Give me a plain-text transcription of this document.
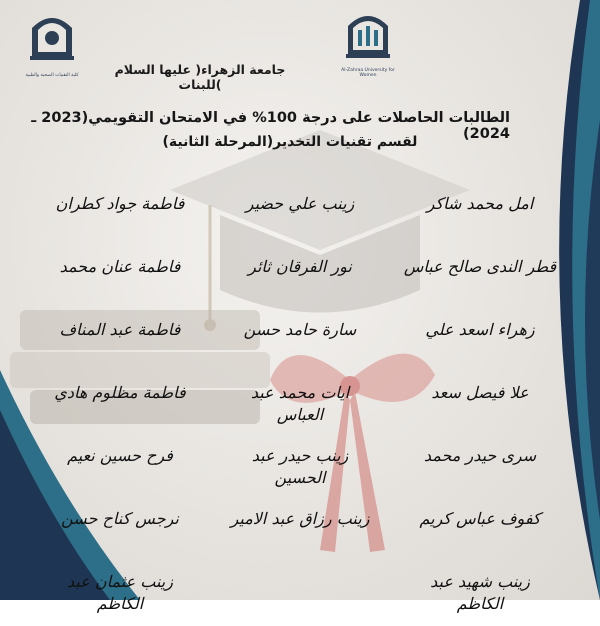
كلية التقنيات الصحية والطبية
Al-Zahraa University for Women
جامعة الزهراء( عليها السلام )للبنات
الطالبات الحاصلات على درجة 100% في الامتحان التقويمي(2023 ـ 2024)
لقسم تقنيات التخدير(المرحلة الثانية)
امل محمد شاكر
زينب علي حضير
فاطمة جواد كطران
قطر الندى صالح عباس
نور الفرقان ثائر
فاطمة عنان محمد
زهراء اسعد علي
سارة حامد حسن
فاطمة عبد المناف
علا فيصل سعد
ايات محمد عبد العباس
فاطمة مظلوم هادي
سرى حيدر محمد
زينب حيدر عبد الحسين
فرح حسين نعيم
كفوف عباس كريم
زينب رزاق عبد الامير
نرجس كناح حسن
زينب شهيد عبد الكاظم
زينب عثمان عبد الكاظم
